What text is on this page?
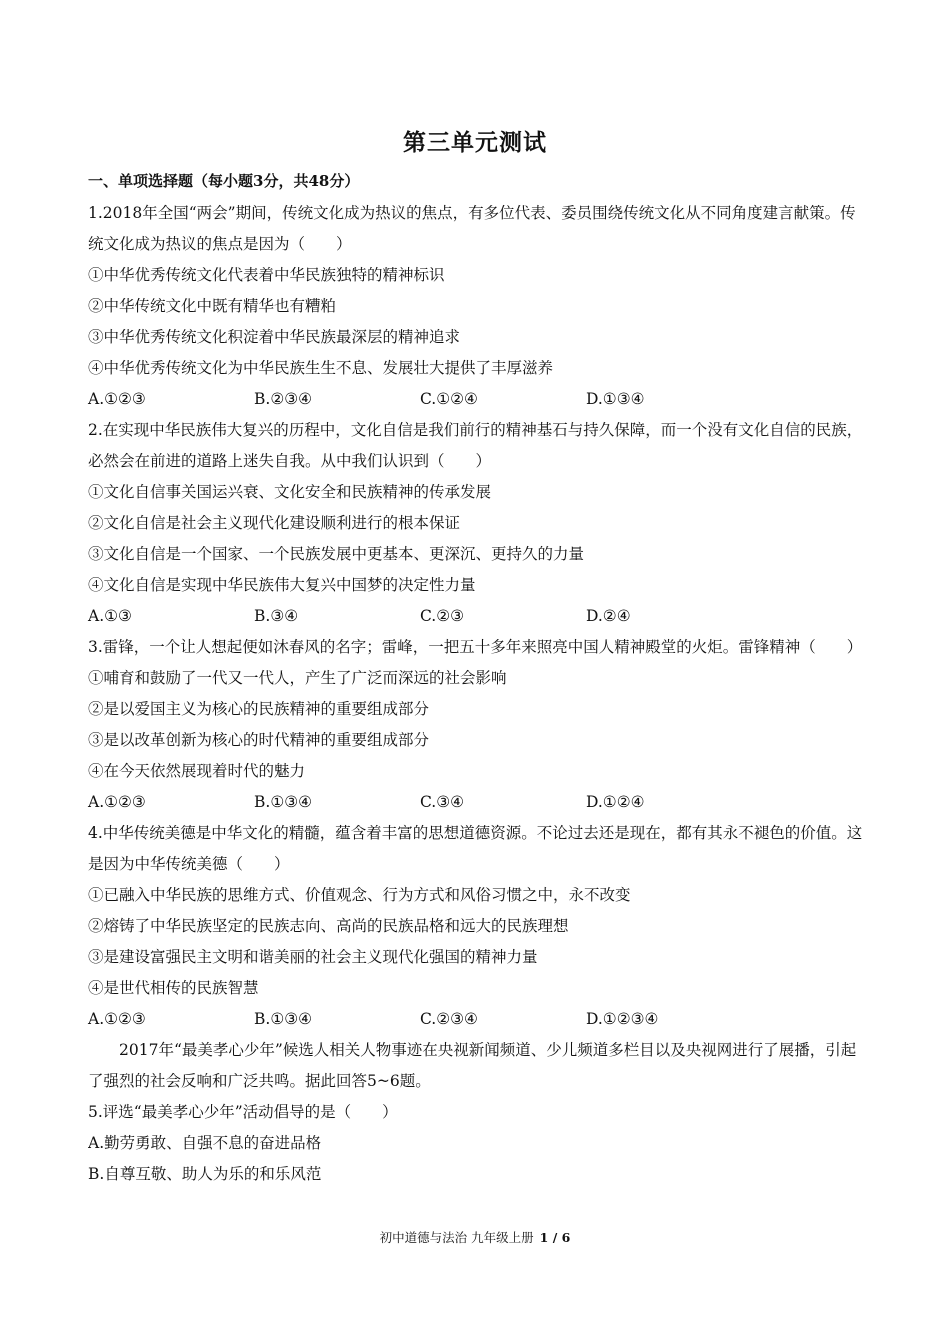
第三单元测试
一、单项选择题（每小题3分，共48分）
1.2018年全国“两会”期间，传统文化成为热议的焦点，有多位代表、委员围绕传统文化从不同角度建言献策。传统文化成为热议的焦点是因为（　　）
①中华优秀传统文化代表着中华民族独特的精神标识
②中华传统文化中既有精华也有糟粕
③中华优秀传统文化积淀着中华民族最深层的精神追求
④中华优秀传统文化为中华民族生生不息、发展壮大提供了丰厚滋养
A.①②③	B.②③④	C.①②④	D.①③④
2.在实现中华民族伟大复兴的历程中，文化自信是我们前行的精神基石与持久保障，而一个没有文化自信的民族，必然会在前进的道路上迷失自我。从中我们认识到（　　）
①文化自信事关国运兴衰、文化安全和民族精神的传承发展
②文化自信是社会主义现代化建设顺利进行的根本保证
③文化自信是一个国家、一个民族发展中更基本、更深沉、更持久的力量
④文化自信是实现中华民族伟大复兴中国梦的决定性力量
A.①③	B.③④	C.②③	D.②④
3.雷锋，一个让人想起便如沐春风的名字；雷峰，一把五十多年来照亮中国人精神殿堂的火炬。雷锋精神（　　）
①哺育和鼓励了一代又一代人，产生了广泛而深远的社会影响
②是以爱国主义为核心的民族精神的重要组成部分
③是以改革创新为核心的时代精神的重要组成部分
④在今天依然展现着时代的魅力
A.①②③	B.①③④	C.③④	D.①②④
4.中华传统美德是中华文化的精髓，蕴含着丰富的思想道德资源。不论过去还是现在，都有其永不褪色的价值。这是因为中华传统美德（　　）
①已融入中华民族的思维方式、价值观念、行为方式和风俗习惯之中，永不改变
②熔铸了中华民族坚定的民族志向、高尚的民族品格和远大的民族理想
③是建设富强民主文明和谐美丽的社会主义现代化强国的精神力量
④是世代相传的民族智慧
A.①②③	B.①③④	C.②③④	D.①②③④
2017年“最美孝心少年”候选人相关人物事迹在央视新闻频道、少儿频道多栏目以及央视网进行了展播，引起了强烈的社会反响和广泛共鸣。据此回答5~6题。
5.评选“最美孝心少年”活动倡导的是（　　）
A.勤劳勇敢、自强不息的奋进品格
B.自尊互敬、助人为乐的和乐风范
初中道德与法治 九年级上册 1 / 6
